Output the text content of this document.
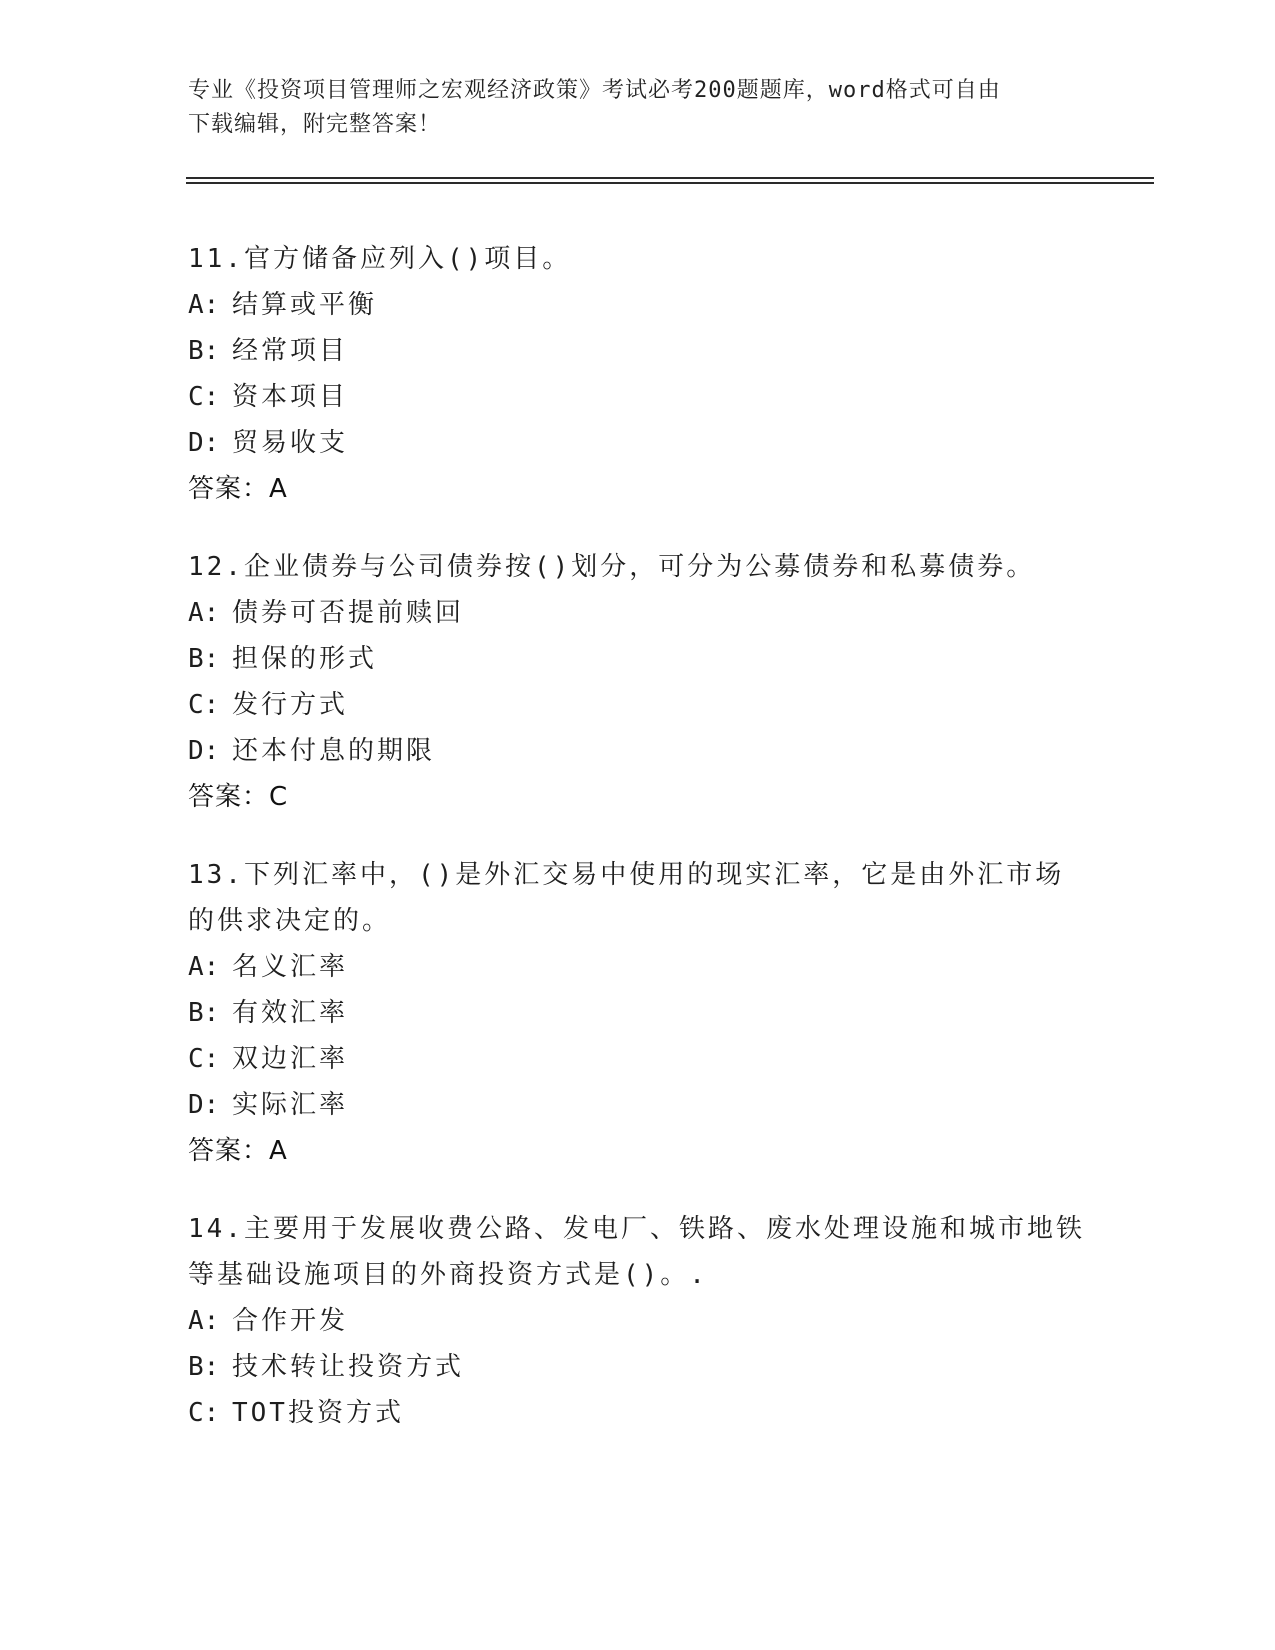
专业《投资项目管理师之宏观经济政策》考试必考200题题库，word格式可自由
下载编辑，附完整答案！

11.官方储备应列入()项目。

A: 结算或平衡
B: 经常项目
C: 资本项目
D: 贸易收支
答案：A

12.企业债券与公司债券按()划分，可分为公募债券和私募债券。

A: 债券可否提前赎回
B: 担保的形式
C: 发行方式
D: 还本付息的期限
答案：C

13.下列汇率中，()是外汇交易中使用的现实汇率，它是由外汇市场的供求决定的。

A: 名义汇率
B: 有效汇率
C: 双边汇率
D: 实际汇率
答案：A

14.主要用于发展收费公路、发电厂、铁路、废水处理设施和城市地铁等基础设施项目的外商投资方式是()。.

A: 合作开发
B: 技术转让投资方式
C: TOT投资方式
